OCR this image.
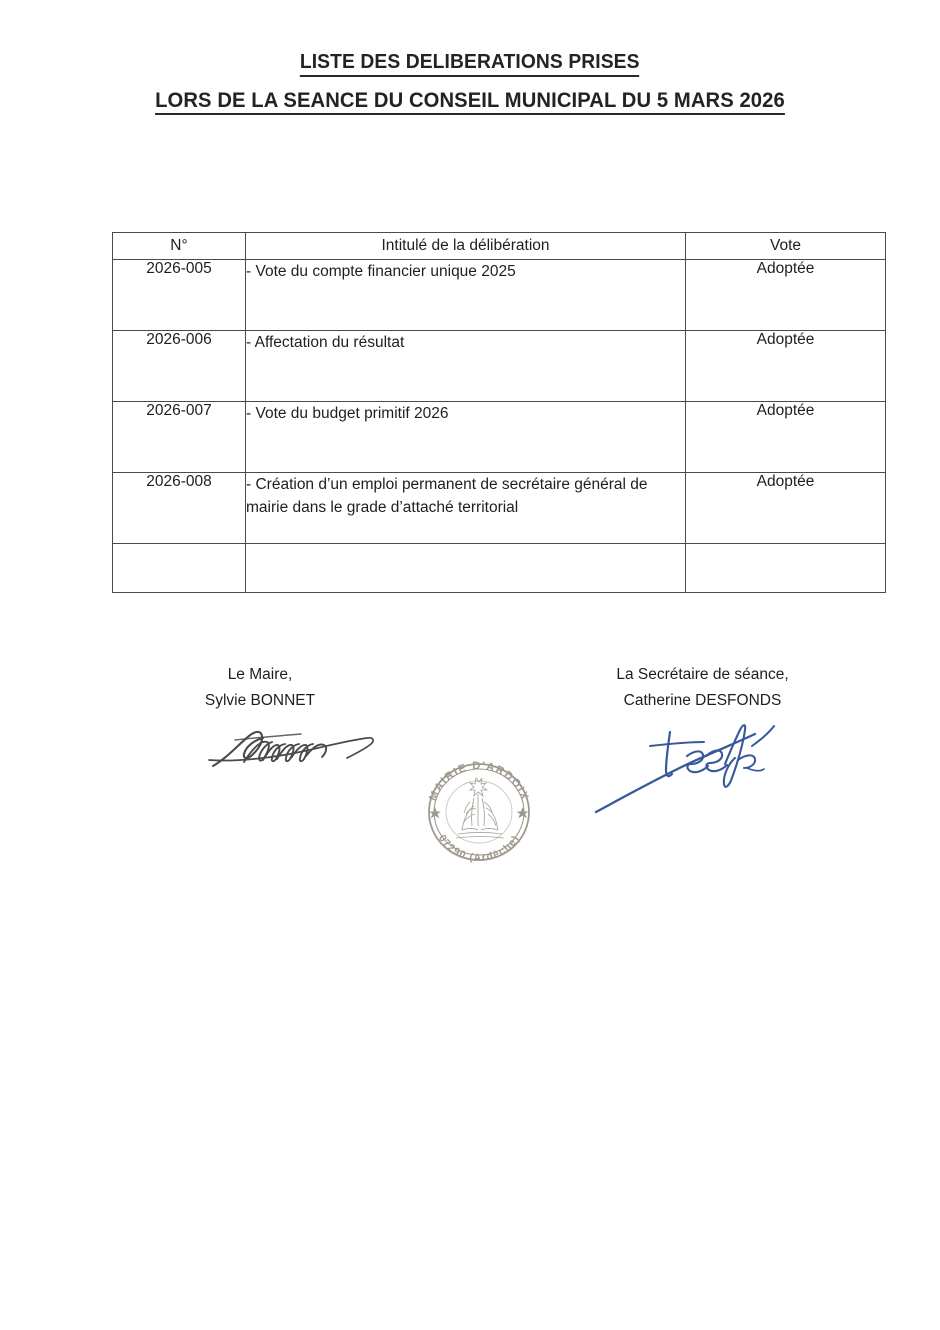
LISTE DES DELIBERATIONS PRISES
LORS DE LA SEANCE DU CONSEIL MUNICIPAL DU 5 MARS 2026
N°	Intitulé de la délibération	Vote
2026-005	- Vote du compte financier unique 2025	Adoptée
2026-006	- Affectation du résultat	Adoptée
2026-007	- Vote du budget primitif 2026	Adoptée
2026-008	- Création d’un emploi permanent de secrétaire général de mairie dans le grade d’attaché territorial	Adoptée

Le Maire,
Sylvie BONNET
La Secrétaire de séance,
Catherine DESFONDS
MAIRIE D'ARDOIX
07290 (Ardèche)
